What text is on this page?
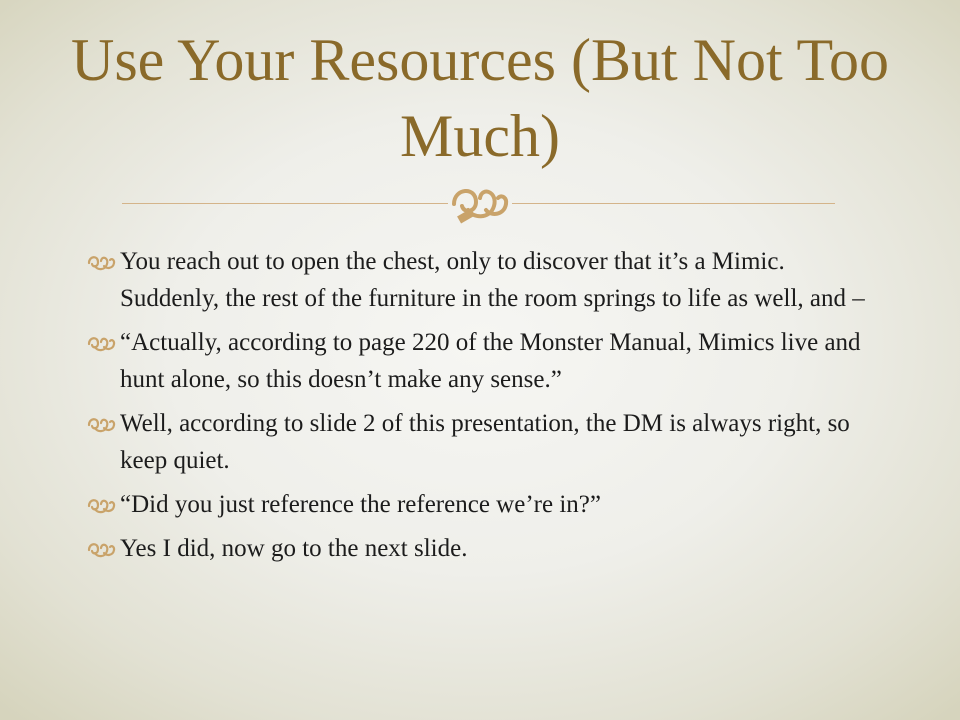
Use Your Resources (But Not Too Much)
You reach out to open the chest, only to discover that it’s a Mimic. Suddenly, the rest of the furniture in the room springs to life as well, and –
“Actually, according to page 220 of the Monster Manual, Mimics live and hunt alone, so this doesn’t make any sense.”
Well, according to slide 2 of this presentation, the DM is always right, so keep quiet.
“Did you just reference the reference we’re in?”
Yes I did, now go to the next slide.
